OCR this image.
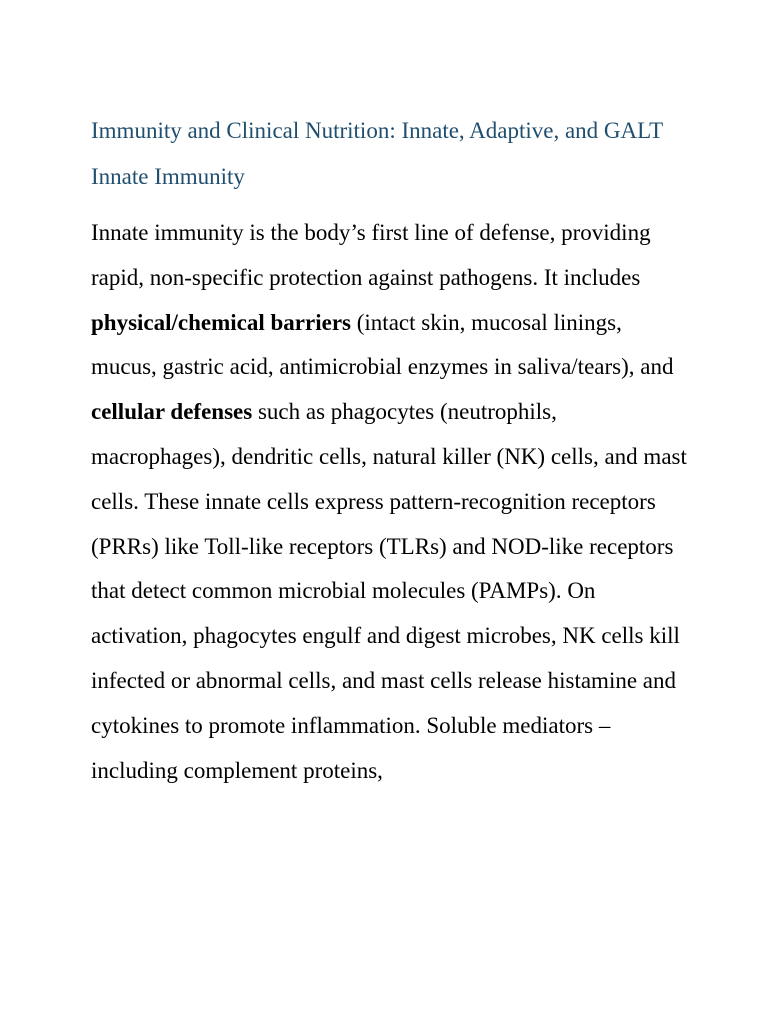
Immunity and Clinical Nutrition: Innate, Adaptive, and GALT
Innate Immunity

Innate immunity is the body’s first line of defense, providing rapid, non-specific protection against pathogens. It includes physical/chemical barriers (intact skin, mucosal linings, mucus, gastric acid, antimicrobial enzymes in saliva/tears), and cellular defenses such as phagocytes (neutrophils, macrophages), dendritic cells, natural killer (NK) cells, and mast cells. These innate cells express pattern-recognition receptors (PRRs) like Toll-like receptors (TLRs) and NOD-like receptors that detect common microbial molecules (PAMPs). On activation, phagocytes engulf and digest microbes, NK cells kill infected or abnormal cells, and mast cells release histamine and cytokines to promote inflammation. Soluble mediators – including complement proteins,
